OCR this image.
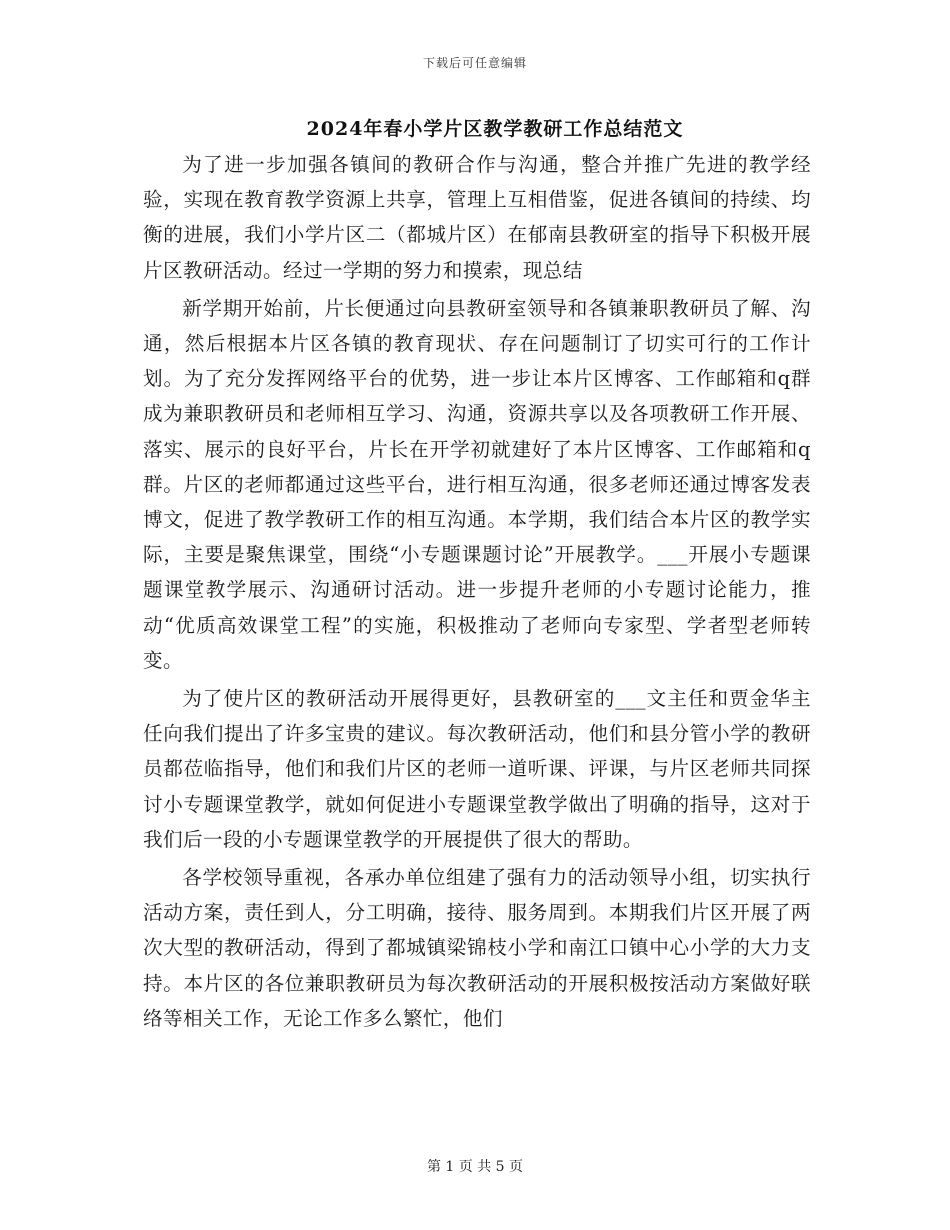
下载后可任意编辑
2024年春小学片区教学教研工作总结范文

为了进一步加强各镇间的教研合作与沟通，整合并推广先进的教学经验，实现在教育教学资源上共享，管理上互相借鉴，促进各镇间的持续、均衡的进展，我们小学片区二（都城片区）在郁南县教研室的指导下积极开展片区教研活动。经过一学期的努力和摸索，现总结

新学期开始前，片长便通过向县教研室领导和各镇兼职教研员了解、沟通，然后根据本片区各镇的教育现状、存在问题制订了切实可行的工作计划。为了充分发挥网络平台的优势，进一步让本片区博客、工作邮箱和q群成为兼职教研员和老师相互学习、沟通，资源共享以及各项教研工作开展、落实、展示的良好平台，片长在开学初就建好了本片区博客、工作邮箱和q群。片区的老师都通过这些平台，进行相互沟通，很多老师还通过博客发表博文，促进了教学教研工作的相互沟通。本学期，我们结合本片区的教学实际，主要是聚焦课堂，围绕“小专题课题讨论”开展教学。___开展小专题课题课堂教学展示、沟通研讨活动。进一步提升老师的小专题讨论能力，推动“优质高效课堂工程”的实施，积极推动了老师向专家型、学者型老师转变。

为了使片区的教研活动开展得更好，县教研室的___文主任和贾金华主任向我们提出了许多宝贵的建议。每次教研活动，他们和县分管小学的教研员都莅临指导，他们和我们片区的老师一道听课、评课，与片区老师共同探讨小专题课堂教学，就如何促进小专题课堂教学做出了明确的指导，这对于我们后一段的小专题课堂教学的开展提供了很大的帮助。

各学校领导重视，各承办单位组建了强有力的活动领导小组，切实执行活动方案，责任到人，分工明确，接待、服务周到。本期我们片区开展了两次大型的教研活动，得到了都城镇梁锦枝小学和南江口镇中心小学的大力支持。本片区的各位兼职教研员为每次教研活动的开展积极按活动方案做好联络等相关工作，无论工作多么繁忙，他们

第 1 页 共 5 页
